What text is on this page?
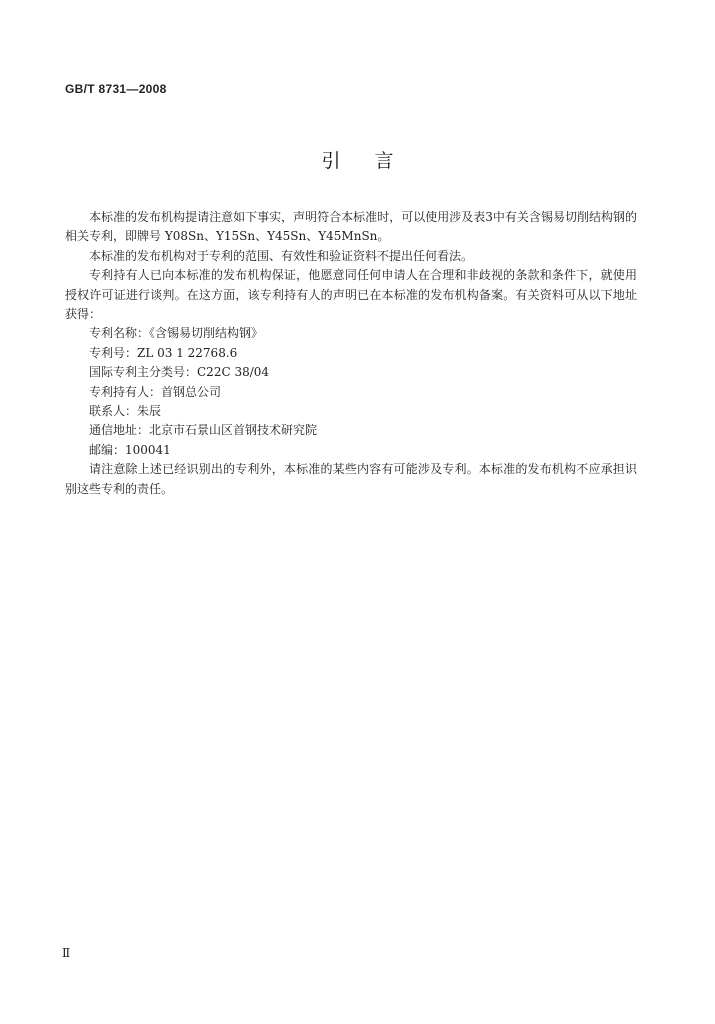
GB/T 8731—2008
引言

本标准的发布机构提请注意如下事实，声明符合本标准时，可以使用涉及表3中有关含锡易切削结构钢的相关专利，即牌号 Y08Sn、Y15Sn、Y45Sn、Y45MnSn。

本标准的发布机构对于专利的范围、有效性和验证资料不提出任何看法。

专利持有人已向本标准的发布机构保证，他愿意同任何申请人在合理和非歧视的条款和条件下，就使用授权许可证进行谈判。在这方面，该专利持有人的声明已在本标准的发布机构备案。有关资料可从以下地址获得：

专利名称：《含锡易切削结构钢》
专利号：ZL 03 1 22768.6
国际专利主分类号：C22C 38/04
专利持有人：首钢总公司
联系人：朱辰
通信地址：北京市石景山区首钢技术研究院
邮编：100041

请注意除上述已经识别出的专利外，本标准的某些内容有可能涉及专利。本标准的发布机构不应承担识别这些专利的责任。

Ⅱ
